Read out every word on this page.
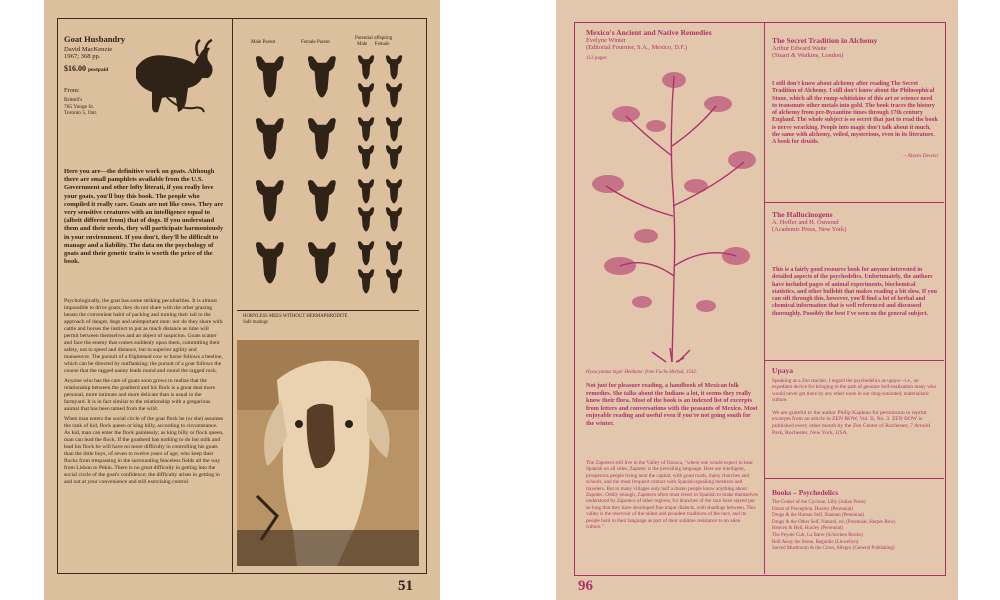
Goat Husbandry

David MacKenzie

1967; 368 pp.

$16.00 postpaid

From:

Brittell's

765 Yonge St.

Toronto 5, Ont.

Here you are—the definitive work on goats. Although there are small pamphlets available from the U.S. Government and other lofty literati, if you really love your goats, you'll buy this book. The people who compiled it really care. Goats are not like cows. They are very sensitive creatures with an intelligence equal to (albeit different from) that of dogs. If you understand them and their needs, they will participate harmoniously in your environment. If you don't, they'll be difficult to manage and a liability. The data on the psychology of goats and their genetic traits is worth the price of the book.

Psychologically, the goat has some striking peculiarities. It is almost impossible to drive goats; they do not share with the other grazing beasts the convenient habit of packing and turning their tail to the approach of danger, dogs and unimportant men: nor do they share with cattle and horses the instinct to put as much distance as time will permit between themselves and an object of suspicion. Goats scatter and face the enemy that comes suddenly upon them, committing their safety, not to speed and distance, but to superior agility and manoeuvre. The pursuit of a frightened cow or horse follows a beeline, which can be directed by outflanking; the pursuit of a goat follows the course that the ragged nanny leads round and round the ragged rock.

Anyone who has the care of goats soon grows to realize that the relationship between the goatherd and his flock is a great deal more personal, more intimate and more delicate than is usual in the farmyard. It is in fact similar to the relationship with a gregarious animal that has been tamed from the wild.

When man enters the social circle of the goat flock he (or she) assumes the rank of kid, flock queen or king billy, according to circumstance. As kid, man can enter the flock painlessly; as king billy or flock queen, man can lead the flock. If the goatherd has nothing to do but milk and lead his flock he will have no more difficulty in controlling his goats than the little boys, of seven to twelve years of age, who keep their flocks from trespassing in the surrounding fenceless fields all the way from Lisbon to Pekin. There is no great difficulty in getting into the social circle of the goat's confidence; the difficulty arises in getting in and out at your convenience and still exercising control.

Male Parent	Female Parent

Potential offspring

Male      Female

HORNLESS MEES WITHOUT HERMAPHRODITE

Safe matings

51

Mexico's Ancient and Native Remedies

Evelyne Winter

(Editorial Fournier, S.A., Mexico, D.F.)

113 pages

Hyoscyamus niger Henbane: from Fuchs Herbal, 1542.

Not just for pleasure reading, a handbook of Mexican folk remedies. She talks about the Indians a lot, it seems they really know their flora. Most of the book is an indexed list of excerpts from letters and conversations with the peasants of Mexico. Most enjoyable reading and useful even if you're not going south for the winter.

The Zapotecs still live in the Valley of Oaxaca, "where one would expect to hear Spanish on all sides, Zapotec is the prevailing language. Here are intelligent, prosperous people living near the capital, with good roads, many churches and schools, and the most frequent contact with Spanish-speaking mestizos and travelers. But in many villages only half a dozen people know anything about Zapotec. Oddly enough, Zapotecs often must resort to Spanish to make themselves understood by Zapotecs of other regions, for branches of the race have stayed put so long that they have developed fine major dialects, with shadings between. This valley is the reservoir of the oldest and proudest traditions of the race, and its people hold to their language as part of their sublime resistance to an alien culture."

The Secret Tradition in Alchemy

Arthur Edward Waite

(Stuart & Watkins, London)

I still don't know about alchemy after reading The Secret Tradition of Alchemy. I still don't know about the Philosophical Stone, which all the rump-whitiskins of this art or science need to transmute other metals into gold. The book traces the history of alchemy from pre-Byzantine times through 17th century England. The whole subject is so secret that just to read the book is nerve wracking. People into magic don't talk about it much, the same with alchemy, veiled, mysterious, even in its literature. A book for druids.

– Alsem Dewist

The Hallucinogens

A. Hoffer and H. Osmond

(Academic Press, New York)

This is a fairly good resource book for anyone interested in detailed aspects of the psychedelics. Unfortunately, the authors have included pages of animal experiments, biochemical statistics, and other bullshit that makes reading a bit slow. If you can sift through this, however, you'll find a lot of herbal and chemical information that is well referenced and discussed thoroughly. Possibly the best I've seen on the general subject.

Upaya

Speaking as a Zen teacher, I regard the psychedelics as upaya—i.e., an expedient device for bringing to the path of genuine Self-realization many who would never get there by any other route in our drug-saturated, materialistic culture.

We are grateful to the author Philip Kapleau for permission to reprint excerpts from an article in ZEN BOW, Vol. II, No. 3. ZEN BOW is published every other month by the Zen Center of Rochester, 7 Arnold Park, Rochester, New York, USA.

Books – Psychedelics

The Center of the Cyclone, Lilly (Julian Press)

Doors of Perception, Huxley (Perennial)

Drugs & the Human Self, Shaman (Perennial)

Drugs & the Other Self, Naturol, ed. (Perennial, Harper Row)

Heaven & Hell, Huxley (Perennial)

The Peyote Cult, La Barre (Schocken Books)

Roll Away the Stone, Regardie (Llewellyn)

Sacred Mushroom & the Cross, Allegro (General Publishing)

96
